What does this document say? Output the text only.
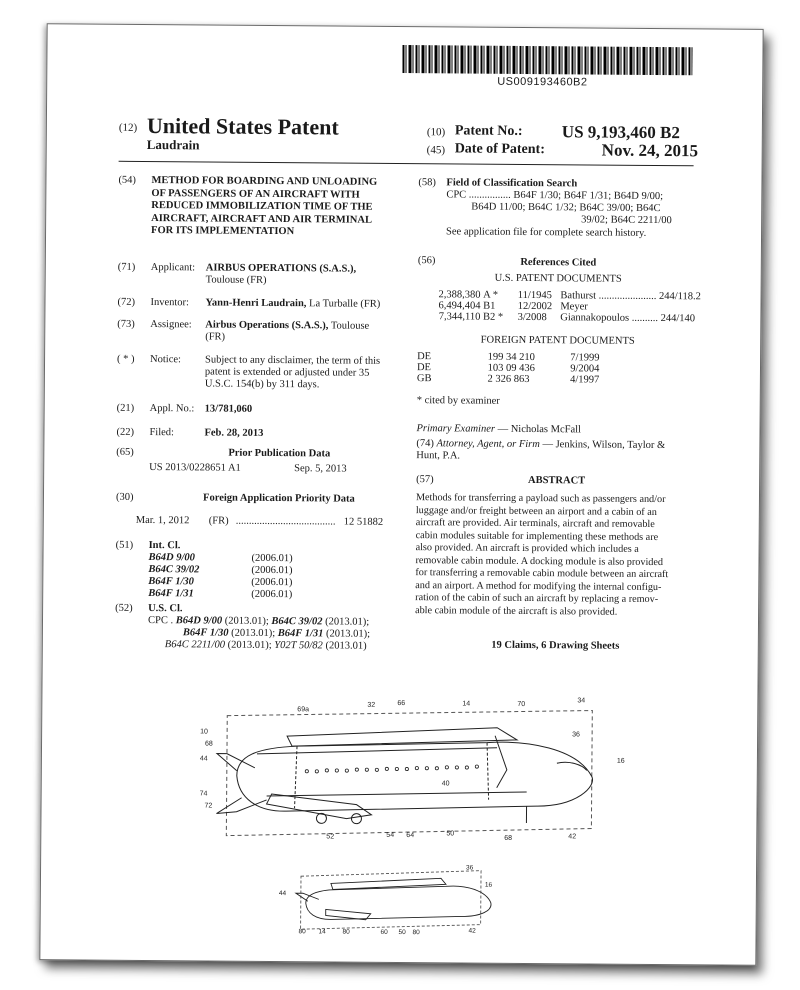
US009193460B2
(12) United States Patent
Laudrain
(10) Patent No.: US 9,193,460 B2
(45) Date of Patent:	Nov. 24, 2015
(54) METHOD FOR BOARDING AND UNLOADING OF PASSENGERS OF AN AIRCRAFT WITH REDUCED IMMOBILIZATION TIME OF THE AIRCRAFT, AIRCRAFT AND AIR TERMINAL FOR ITS IMPLEMENTATION
(71) Applicant: AIRBUS OPERATIONS (S.A.S.),
Toulouse (FR)
(72) Inventor: Yann-Henri Laudrain, La Turballe (FR)
(73) Assignee: Airbus Operations (S.A.S.), Toulouse
(FR)
( * ) Notice: Subject to any disclaimer, the term of this
patent is extended or adjusted under 35
U.S.C. 154(b) by 311 days.
(21) Appl. No.: 13/781,060
(22) Filed:	Feb. 28, 2013
(65)	Prior Publication Data
US 2013/0228651 A1	Sep. 5, 2013
(30)	Foreign Application Priority Data
Mar. 1, 2012 (FR) ...................................... 12 51882
(51) Int. Cl.
B64D 9/00	(2006.01)
B64C 39/02	(2006.01)
B64F 1/30	(2006.01)
B64F 1/31	(2006.01)
(52) U.S. Cl.
CPC . B64D 9/00 (2013.01); B64C 39/02 (2013.01);
B64F 1/30 (2013.01); B64F 1/31 (2013.01);
B64C 2211/00 (2013.01); Y02T 50/82 (2013.01)
(58) Field of Classification Search
CPC ................ B64F 1/30; B64F 1/31; B64D 9/00;
B64D 11/00; B64C 1/32; B64C 39/00; B64C
39/02; B64C 2211/00
See application file for complete search history.
(56)	References Cited
U.S. PATENT DOCUMENTS
2,388,380 A * 11/1945 Bathurst ...................... 244/118.2
6,494,404 B1 12/2002 Meyer
7,344,110 B2 * 3/2008 Giannakopoulos .......... 244/140
FOREIGN PATENT DOCUMENTS
DE	199 34 210	7/1999
DE	103 09 436	9/2004
GB	2 326 863	4/1997
* cited by examiner
Primary Examiner — Nicholas McFall
(74) Attorney, Agent, or Firm — Jenkins, Wilson, Taylor &
Hunt, P.A.
(57)	ABSTRACT
Methods for transferring a payload such as passengers and/or
luggage and/or freight between an airport and a cabin of an
aircraft are provided. Air terminals, aircraft and removable
cabin modules suitable for implementing these methods are
also provided. An aircraft is provided which includes a
removable cabin module. A docking module is also provided
for transferring a removable cabin module between an aircraft
and an airport. A method for modifying the internal configu-
ration of the cabin of such an aircraft by replacing a remov-
able cabin module of the aircraft is also provided.
19 Claims, 6 Drawing Sheets
69a
32	66	14	70	34
10	36
68
44	16
40
74
72
52	54 64	50
68	42
36
16
44
80 14	80	60 50 80	42
